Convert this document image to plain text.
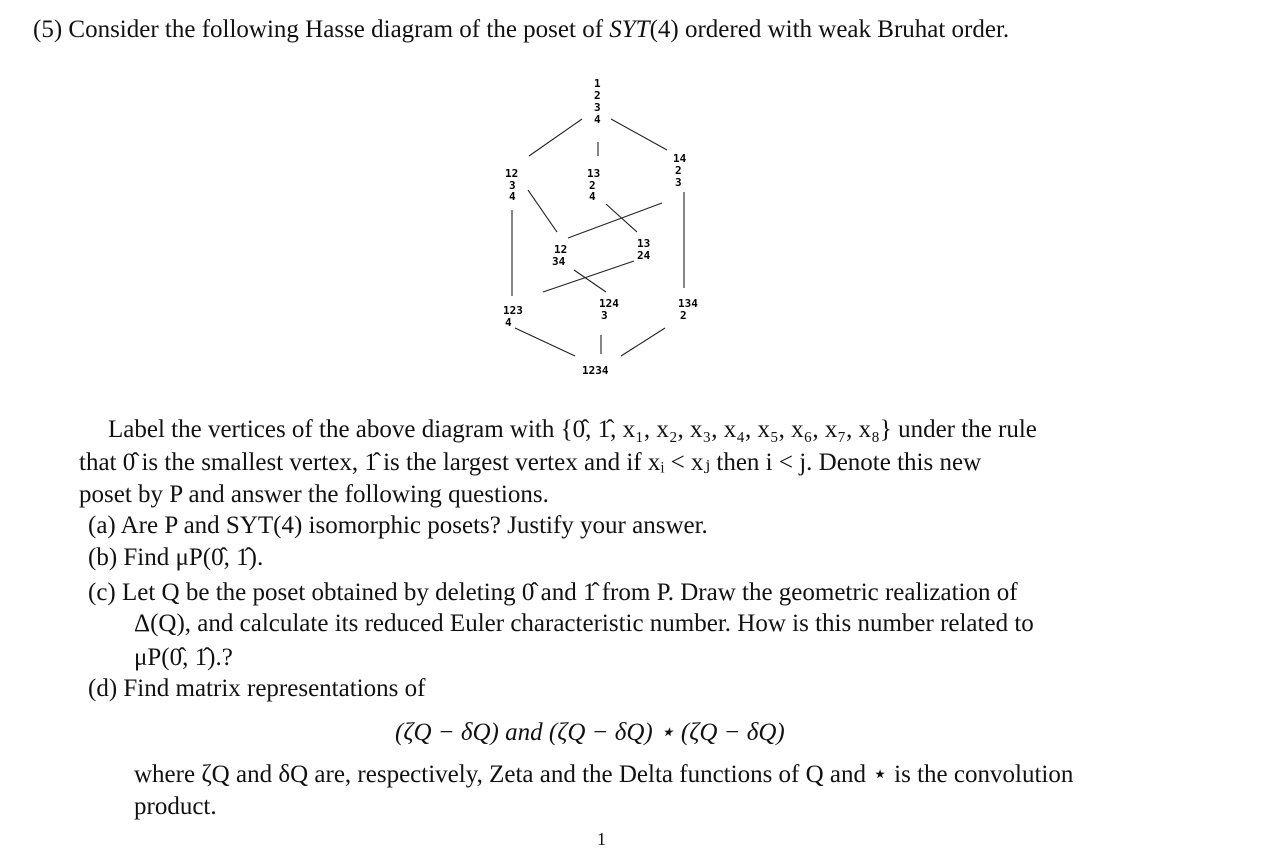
(5) Consider the following Hasse diagram of the poset of SYT(4) ordered with weak Bruhat order.
1
2
3
4
12
3
4
13
2
4
14
2
3
12
34
13
24
123
4
124
3
134
2
1234
Label the vertices of the above diagram with {0̂, 1̂, x₁, x₂, x₃, x₄, x₅, x₆, x₇, x₈} under the rule
that 0̂ is the smallest vertex, 1̂ is the largest vertex and if xᵢ < xⱼ then i < j. Denote this new
poset by P and answer the following questions.
(a) Are P and SYT(4) isomorphic posets? Justify your answer.
(b) Find μP(0̂, 1̂).
(c) Let Q be the poset obtained by deleting 0̂ and 1̂ from P. Draw the geometric realization of
Δ(Q), and calculate its reduced Euler characteristic number. How is this number related to
μP(0̂, 1̂).?
(d) Find matrix representations of
(ζQ − δQ) and (ζQ − δQ) ⋆ (ζQ − δQ)
where ζQ and δQ are, respectively, Zeta and the Delta functions of Q and ⋆ is the convolution
product.
1
